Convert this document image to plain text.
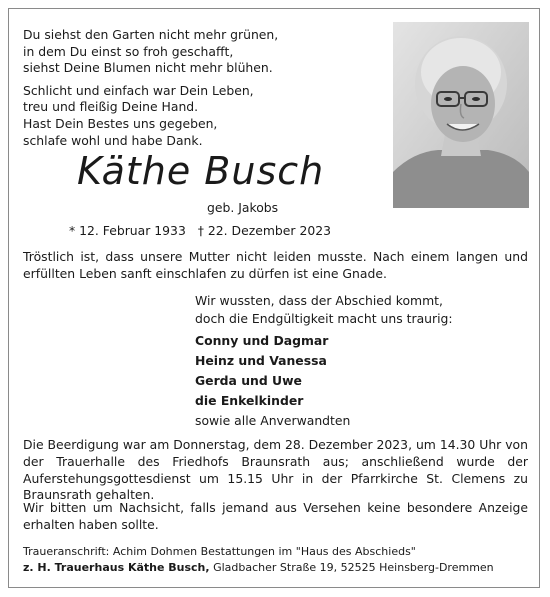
Du siehst den Garten nicht mehr grünen,
in dem Du einst so froh geschafft,
siehst Deine Blumen nicht mehr blühen.
Schlicht und einfach war Dein Leben,
treu und fleißig Deine Hand.
Hast Dein Bestes uns gegeben,
schlafe wohl und habe Dank.
Käthe Busch
geb. Jakobs
* 12. Februar 1933 † 22. Dezember 2023
Tröstlich ist, dass unsere Mutter nicht leiden musste. Nach einem langen und erfüllten Leben sanft einschlafen zu dürfen ist eine Gnade.
Wir wussten, dass der Abschied kommt,
doch die Endgültigkeit macht uns traurig:
Conny und Dagmar
Heinz und Vanessa
Gerda und Uwe
die Enkelkinder
sowie alle Anverwandten
Die Beerdigung war am Donnerstag, dem 28. Dezember 2023, um 14.30 Uhr von der Trauerhalle des Friedhofs Braunsrath aus; anschließend wurde der Auferstehungsgottesdienst um 15.15 Uhr in der Pfarrkirche St. Clemens zu Braunsrath gehalten.
Wir bitten um Nachsicht, falls jemand aus Versehen keine besondere Anzeige erhalten haben sollte.
Traueranschrift: Achim Dohmen Bestattungen im "Haus des Abschieds"
z. H. Trauerhaus Käthe Busch, Gladbacher Straße 19, 52525 Heinsberg-Dremmen
